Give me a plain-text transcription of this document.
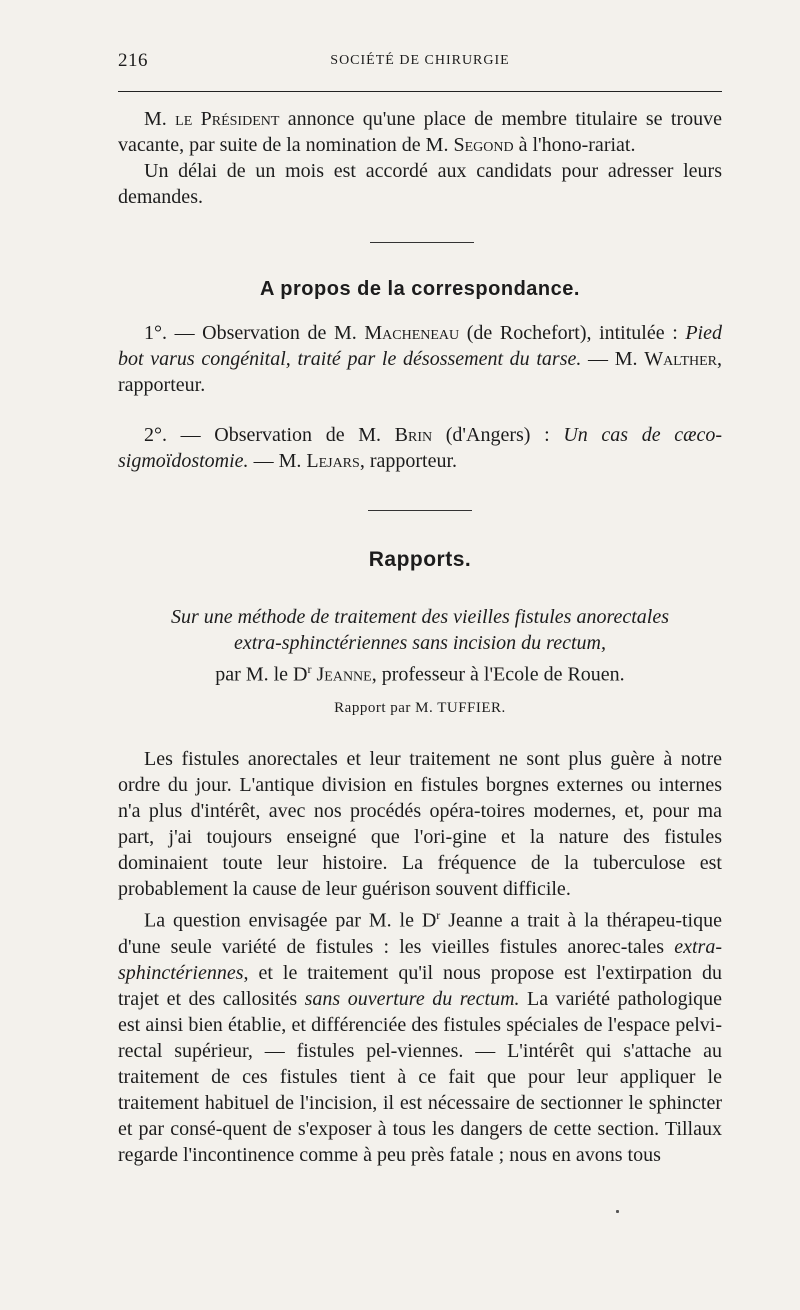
216	SOCIÉTÉ DE CHIRURGIE

M. le Président annonce qu'une place de membre titulaire se trouve vacante, par suite de la nomination de M. Segond à l'hono-rariat.

Un délai de un mois est accordé aux candidats pour adresser leurs demandes.

A propos de la correspondance.

1°. — Observation de M. Macheneau (de Rochefort), intitulée : Pied bot varus congénital, traité par le désossement du tarse. — M. Walther, rapporteur.

2°. — Observation de M. Brin (d'Angers) : Un cas de cæco-sigmoïdostomie. — M. Lejars, rapporteur.

Rapports.

Sur une méthode de traitement des vieilles fistules anorectales

extra-sphinctériennes sans incision du rectum,

par M. le $D^r$ Jeanne, professeur à l'Ecole de Rouen.

Rapport par M. TUFFIER.

Les fistules anorectales et leur traitement ne sont plus guère à notre ordre du jour. L'antique division en fistules borgnes externes ou internes n'a plus d'intérêt, avec nos procédés opéra-toires modernes, et, pour ma part, j'ai toujours enseigné que l'ori-gine et la nature des fistules dominaient toute leur histoire. La fréquence de la tuberculose est probablement la cause de leur guérison souvent difficile.

La question envisagée par M. le $D^r$ Jeanne a trait à la thérapeu-tique d'une seule variété de fistules : les vieilles fistules anorec-tales extra-sphinctériennes, et le traitement qu'il nous propose est l'extirpation du trajet et des callosités sans ouverture du rectum. La variété pathologique est ainsi bien établie, et différenciée des fistules spéciales de l'espace pelvi-rectal supérieur, — fistules pel-viennes. — L'intérêt qui s'attache au traitement de ces fistules tient à ce fait que pour leur appliquer le traitement habituel de l'incision, il est nécessaire de sectionner le sphincter et par consé-quent de s'exposer à tous les dangers de cette section. Tillaux regarde l'incontinence comme à peu près fatale ; nous en avons tous
